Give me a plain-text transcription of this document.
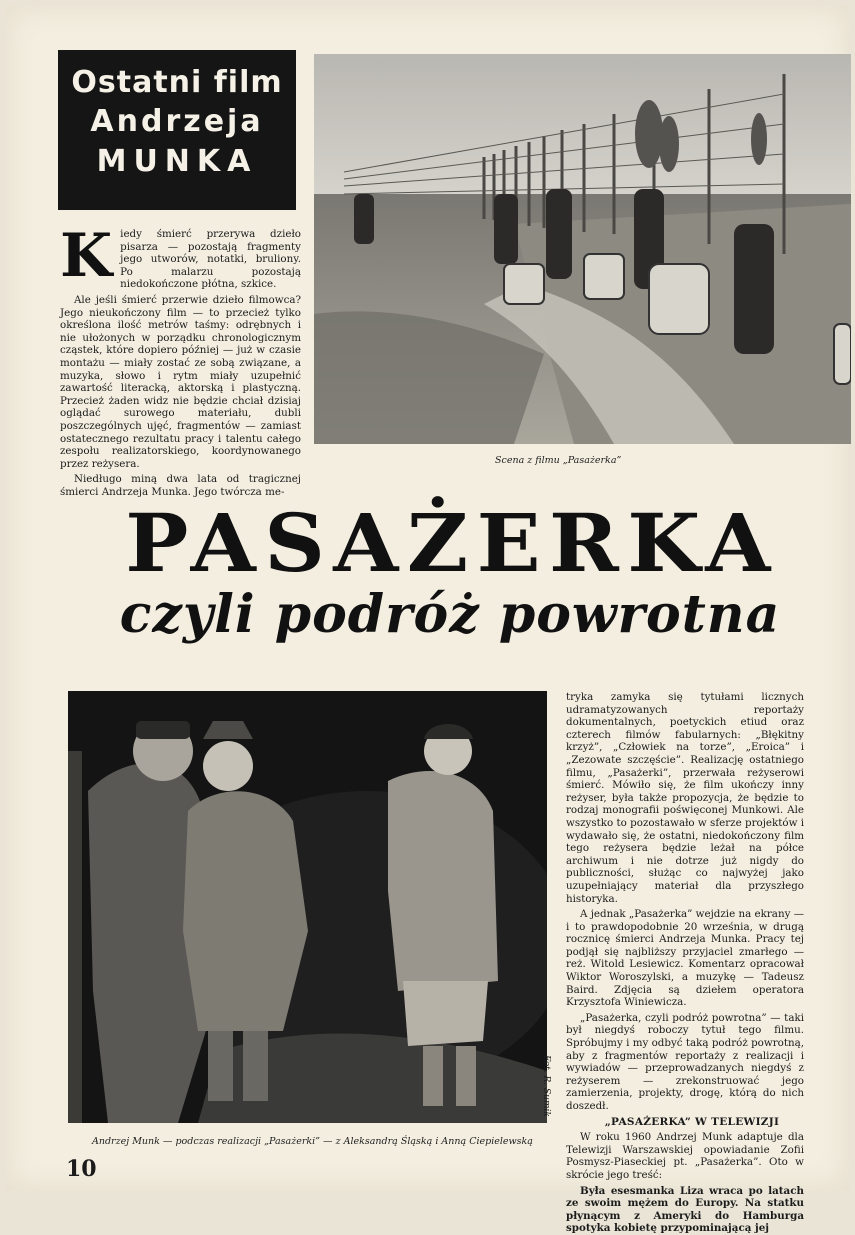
Ostatni film
Andrzeja
MUNKA

Kiedy śmierć przerywa dzieło pisarza — pozostają fragmenty jego utworów, notatki, bruliony. Po malarzu pozostają niedokończone płótna, szkice.

Ale jeśli śmierć przerwie dzieło filmowca? Jego nieukończony film — to przecież tylko określona ilość metrów taśmy: odrębnych i nie ułożonych w porządku chronologicznym cząstek, które dopiero później — już w czasie montażu — miały zostać ze sobą związane, a muzyka, słowo i rytm miały uzupełnić zawartość literacką, aktorską i plastyczną. Przecież żaden widz nie będzie chciał dzisiaj oglądać surowego materiału, dubli poszczególnych ujęć, fragmentów — zamiast ostatecznego rezultatu pracy i talentu całego zespołu realizatorskiego, koordynowanego przez reżysera.

Niedługo miną dwa lata od tragicznej śmierci Andrzeja Munka. Jego twórcza me-

Scena z filmu „Pasażerka”
PASAŻERKA
czyli podróż powrotna
Fot. R. Sumik
Andrzej Munk — podczas realizacji „Pasażerki” — z Aleksandrą Śląską i Anną Ciepielewską

tryka zamyka się tytułami licznych udramatyzowanych reportaży dokumentalnych, poetyckich etiud oraz czterech filmów fabularnych: „Błękitny krzyż”, „Człowiek na torze”, „Eroica” i „Zezowate szczęście”. Realizację ostatniego filmu, „Pasażerki”, przerwała reżyserowi śmierć. Mówiło się, że film ukończy inny reżyser, była także propozycja, że będzie to rodzaj monografii poświęconej Munkowi. Ale wszystko to pozostawało w sferze projektów i wydawało się, że ostatni, niedokończony film tego reżysera będzie leżał na półce archiwum i nie dotrze już nigdy do publiczności, służąc co najwyżej jako uzupełniający materiał dla przyszłego historyka.

A jednak „Pasażerka” wejdzie na ekrany — i to prawdopodobnie 20 września, w drugą rocznicę śmierci Andrzeja Munka. Pracy tej podjął się najbliższy przyjaciel zmarłego — reż. Witold Lesiewicz. Komentarz opracował Wiktor Woroszylski, a muzykę — Tadeusz Baird. Zdjęcia są dziełem operatora Krzysztofa Winiewicza.

„Pasażerka, czyli podróż powrotna” — taki był niegdyś roboczy tytuł tego filmu. Spróbujmy i my odbyć taką podróż powrotną, aby z fragmentów reportaży z realizacji i wywiadów — przeprowadzanych niegdyś z reżyserem — zrekonstruować jego zamierzenia, projekty, drogę, którą do nich doszedł.

„PASAŻERKA” W TELEWIZJI

W roku 1960 Andrzej Munk adaptuje dla Telewizji Warszawskiej opowiadanie Zofii Posmysz-Piaseckiej pt. „Pasażerka”. Oto w skrócie jego treść:

Była esesmanka Liza wraca po latach ze swoim mężem do Europy. Na statku płynącym z Ameryki do Hamburga spotyka kobietę przypominającą jej

10
